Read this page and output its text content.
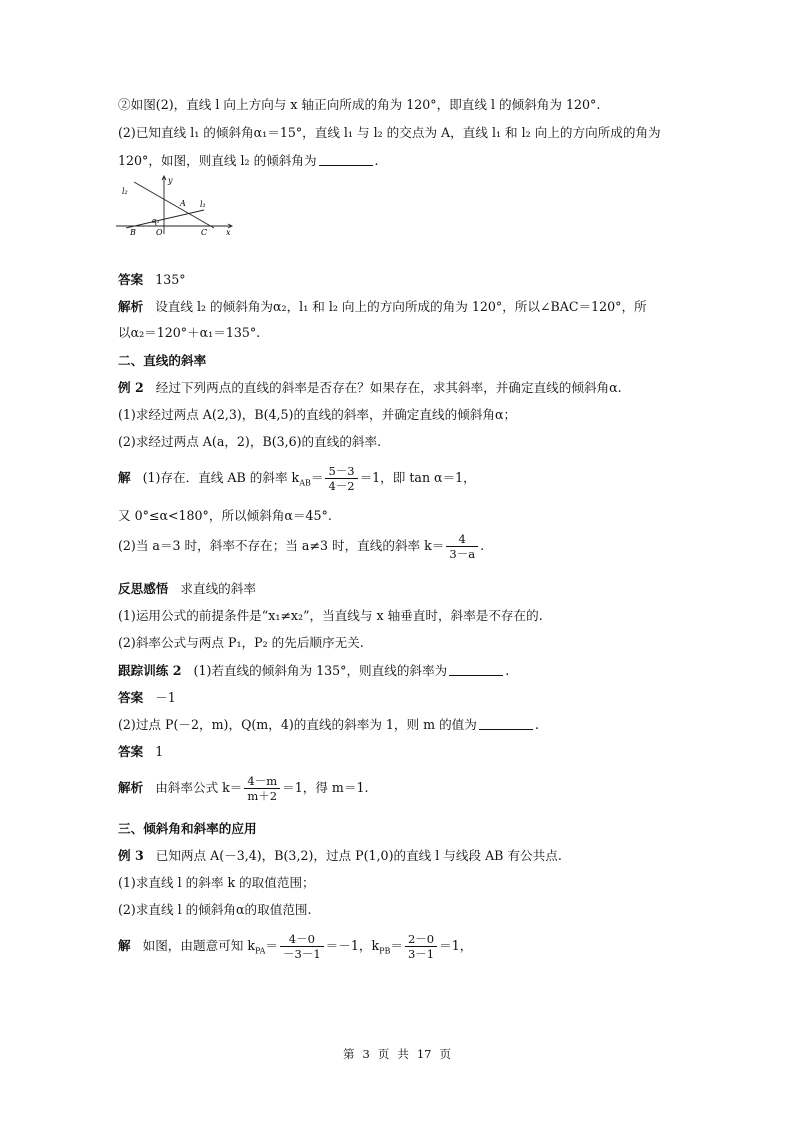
②如图(2)，直线 l 向上方向与 x 轴正向所成的角为 120°，即直线 l 的倾斜角为 120°.
(2)已知直线 l₁ 的倾斜角α₁＝15°，直线 l₁ 与 l₂ 的交点为 A，直线 l₁ 和 l₂ 向上的方向所成的角为
120°，如图，则直线 l₂ 的倾斜角为	.
y
l₂
A l₁
α₁
B	O	C x
答案 135°
解析 设直线 l₂ 的倾斜角为α₂，l₁ 和 l₂ 向上的方向所成的角为 120°，所以∠BAC＝120°，所
以α₂＝120°＋α₁＝135°.
二、直线的斜率
例 2 经过下列两点的直线的斜率是否存在？如果存在，求其斜率，并确定直线的倾斜角α.
(1)求经过两点 A(2,3)，B(4,5)的直线的斜率，并确定直线的倾斜角α；
(2)求经过两点 A(a，2)，B(3,6)的直线的斜率.
解 (1)存在．直线 AB 的斜率 $k_{AB}= \frac{5-3}{4-2} =1$，即 tan α＝1，
又 0°≤α<180°，所以倾斜角α＝45°.
(2)当 a＝3 时，斜率不存在；当 a≠3 时，直线的斜率 $k= \frac{4}{3-a}$ .
反思感悟 求直线的斜率
(1)运用公式的前提条件是“x₁≠x₂”，当直线与 x 轴垂直时，斜率是不存在的.
(2)斜率公式与两点 P₁，P₂ 的先后顺序无关.
跟踪训练 2 (1)若直线的倾斜角为 135°，则直线的斜率为	.
答案 －1
(2)过点 P(－2，m)，Q(m，4)的直线的斜率为 1，则 m 的值为	.
答案 1
解析 由斜率公式 $k= \frac{4-m}{m+2} =1$，得 m＝1.
三、倾斜角和斜率的应用
例 3 已知两点 A(－3,4)，B(3,2)，过点 P(1,0)的直线 l 与线段 AB 有公共点.
(1)求直线 l 的斜率 k 的取值范围；
(2)求直线 l 的倾斜角α的取值范围.
解 如图，由题意可知 $k_{PA}= \frac{4-0}{-3-1} =-1$，$k_{PB}= \frac{2-0}{3-1} =1$，
第 3 页 共 17 页
